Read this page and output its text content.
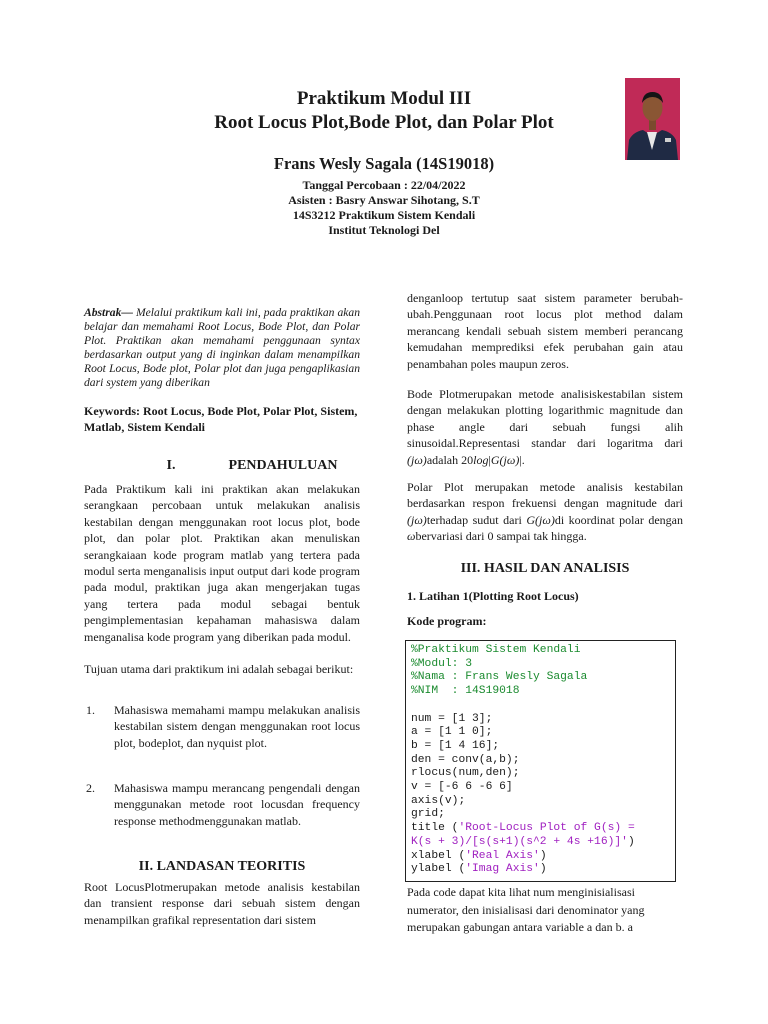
Praktikum Modul III
Root Locus Plot,Bode Plot, dan Polar Plot
Frans Wesly Sagala (14S19018)
Tanggal Percobaan : 22/04/2022
Asisten : Basry Answar Sihotang, S.T
14S3212 Praktikum Sistem Kendali
Institut Teknologi Del
Abstrak— Melalui praktikum kali ini, pada praktikan akan belajar dan memahami Root Locus, Bode Plot, dan Polar Plot. Praktikan akan memahami penggunaan syntax berdasarkan output yang di inginkan dalam menampilkan Root Locus, Bode plot, Polar plot dan juga pengaplikasian dari system yang diberikan
Keywords: Root Locus, Bode Plot, Polar Plot, Sistem, Matlab, Sistem Kendali
I.	PENDAHULUAN
Pada Praktikum kali ini praktikan akan melakukan serangkaan percobaan untuk melakukan analisis kestabilan dengan menggunakan root locus plot, bode plot, dan polar plot. Praktikan akan menuliskan serangkaiaan kode program matlab yang tertera pada modul serta menganalisis input output dari kode program pada modul, praktikan juga akan mengerjakan tugas yang tertera pada modul sebagai bentuk pengimplementasian kepahaman mahasiswa dalam menganalisa kode program yang diberikan pada modul.
Tujuan utama dari praktikum ini adalah sebagai berikut:
1.	Mahasiswa memahami mampu melakukan analisis kestabilan sistem dengan menggunakan root locus plot, bodeplot, dan nyquist plot.
2.	Mahasiswa mampu merancang pengendali dengan menggunakan metode root locusdan frequency response methodmenggunakan matlab.
II. LANDASAN TEORITIS
Root LocusPlotmerupakan metode analisis kestabilan dan transient response dari sebuah sistem dengan menampilkan grafikal representation dari sistem
denganloop tertutup saat sistem parameter berubah-ubah.Penggunaan root locus plot method dalam merancang kendali sebuah sistem memberi perancang kemudahan memprediksi efek perubahan gain atau penambahan poles maupun zeros.
Bode Plotmerupakan metode analisiskestabilan sistem dengan melakukan plotting logarithmic magnitude dan phase angle dari sebuah fungsi alih sinusoidal.Representasi standar dari logaritma dari (jω)adalah 20log|G(jω)|.
Polar Plot merupakan metode analisis kestabilan berdasarkan respon frekuensi dengan magnitude dari (jω)terhadap sudut dari G(jω)di koordinat polar dengan ωbervariasi dari 0 sampai tak hingga.
III. HASIL DAN ANALISIS
1. Latihan 1(Plotting Root Locus)
Kode program:
%Praktikum Sistem Kendali
%Modul: 3
%Nama : Frans Wesly Sagala
%NIM  : 14S19018

num = [1 3];
a = [1 1 0];
b = [1 4 16];
den = conv(a,b);
rlocus(num,den);
v = [-6 6 -6 6]
axis(v);
grid;
title ('Root-Locus Plot of G(s) =
K(s + 3)/[s(s+1)(s^2 + 4s +16)]')
xlabel ('Real Axis')
ylabel ('Imag Axis')
Pada code dapat kita lihat num menginisialisasi numerator, den inisialisasi dari denominator yang merupakan gabungan antara variable a dan b. a
